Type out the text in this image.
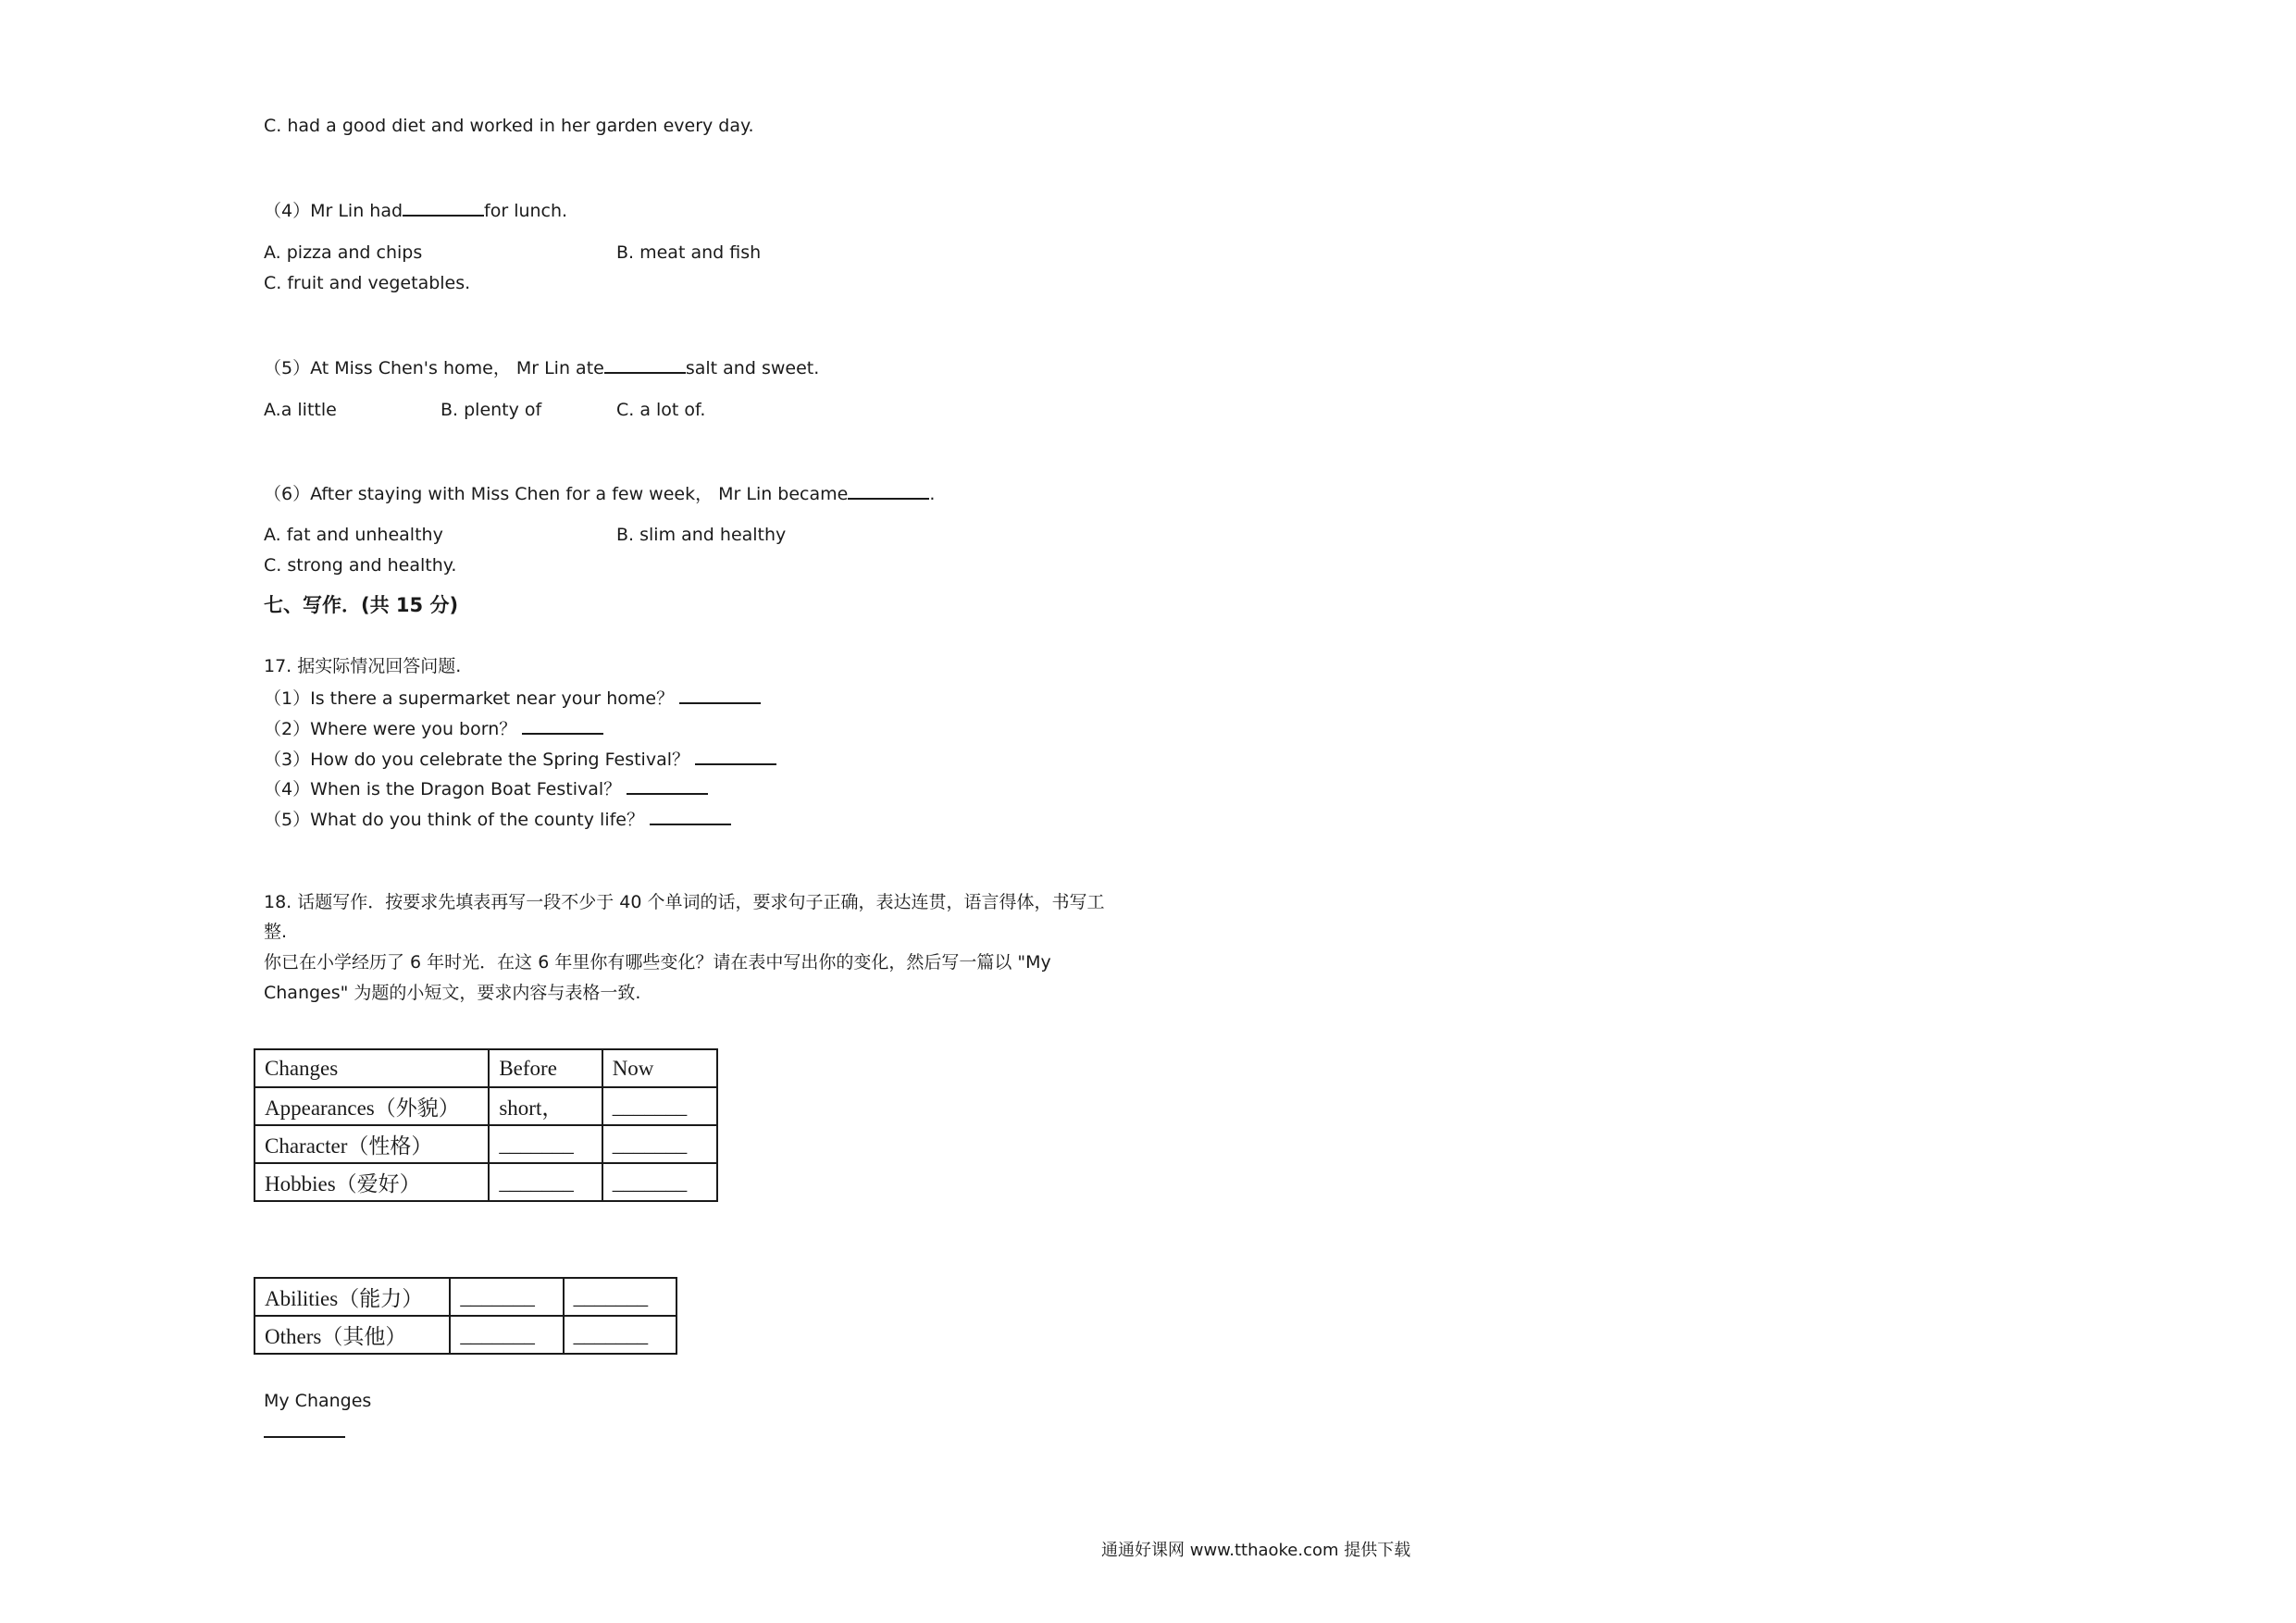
C. had a good diet and worked in her garden every day.
（4）Mr Lin had	for lunch.
A. pizza and chips	B. meat and fish
C. fruit and vegetables.
（5）At Miss Chen's home， Mr Lin ate	salt and sweet.
A.a little	B. plenty of	C. a lot of.
（6）After staying with Miss Chen for a few week， Mr Lin became	.
A. fat and unhealthy	B. slim and healthy
C. strong and healthy.
七、写作．(共 15 分)
17. 据实际情况回答问题.
（1）Is there a supermarket near your home？
（2）Where were you born？
（3）How do you celebrate the Spring Festival？
（4）When is the Dragon Boat Festival？
（5）What do you think of the county life？
18. 话题写作．按要求先填表再写一段不少于 40 个单词的话，要求句子正确，表达连贯，语言得体，书写工
整.
你已在小学经历了 6 年时光．在这 6 年里你有哪些变化？请在表中写出你的变化，然后写一篇以 "My
Changes" 为题的小短文，要求内容与表格一致.
Changes	Before	Now
Appearances（外貌）	short，	_______
Character（性格）	_______	_______
Hobbies（爱好）	_______	_______
Abilities（能力）	_______	_______
Others（其他）	_______	_______
My Changes
通通好课网 www.tthaoke.com 提供下载
